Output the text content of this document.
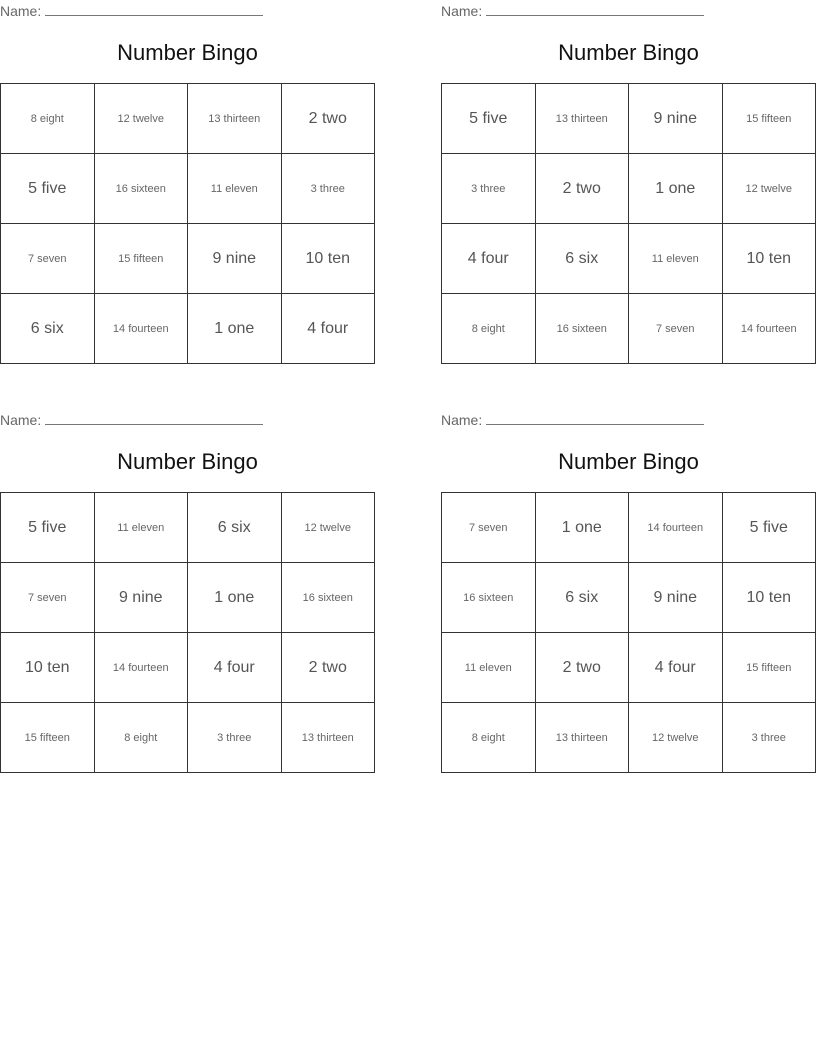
Name:
Number Bingo
8 eight	12 twelve	13 thirteen	2 two
5 five	16 sixteen	11 eleven	3 three
7 seven	15 fifteen	9 nine	10 ten
6 six	14 fourteen	1 one	4 four
Name:
Number Bingo
5 five	13 thirteen	9 nine	15 fifteen
3 three	2 two	1 one	12 twelve
4 four	6 six	11 eleven	10 ten
8 eight	16 sixteen	7 seven	14 fourteen
Name:
Number Bingo
5 five	11 eleven	6 six	12 twelve
7 seven	9 nine	1 one	16 sixteen
10 ten	14 fourteen	4 four	2 two
15 fifteen	8 eight	3 three	13 thirteen
Name:
Number Bingo
7 seven	1 one	14 fourteen	5 five
16 sixteen	6 six	9 nine	10 ten
11 eleven	2 two	4 four	15 fifteen
8 eight	13 thirteen	12 twelve	3 three
